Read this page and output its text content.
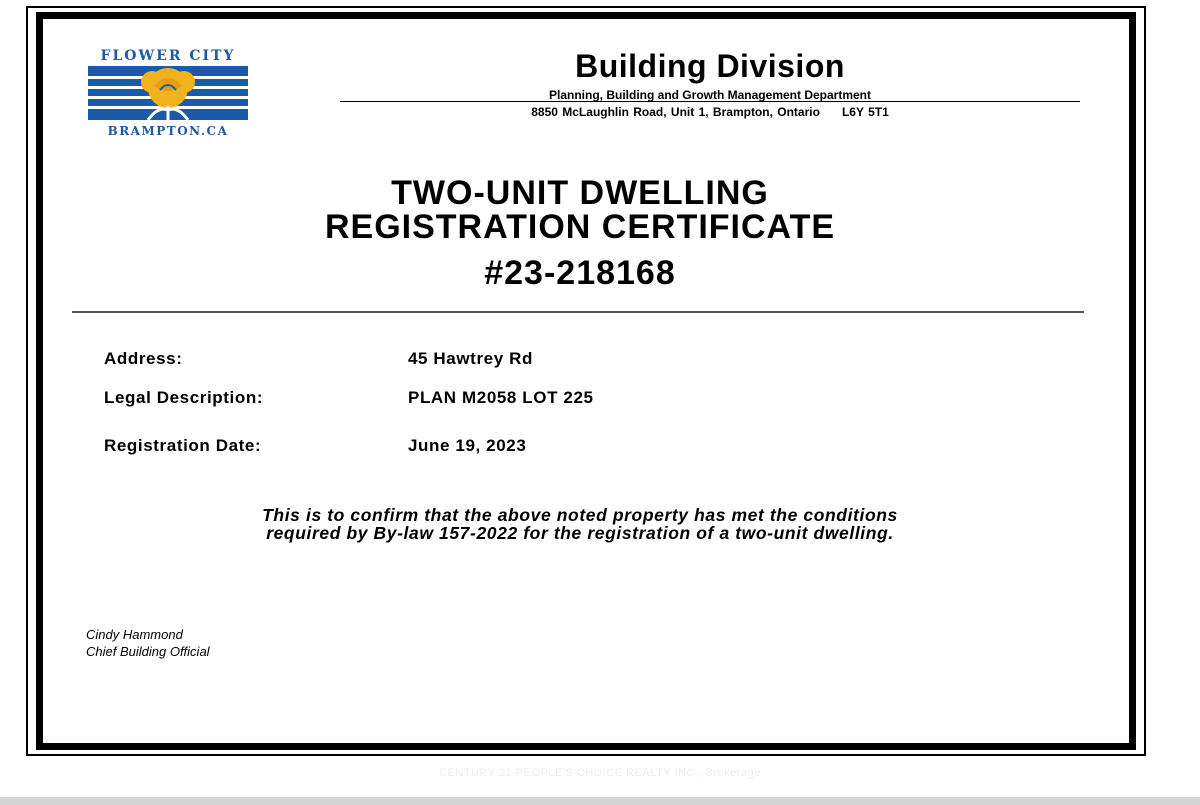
FLOWER CITY
BRAMPTON.CA
Building Division
Planning, Building and Growth Management Department
8850 McLaughlin Road, Unit 1, Brampton, Ontario L6Y 5T1
TWO-UNIT DWELLING
REGISTRATION CERTIFICATE
#23-218168
Address:	45 Hawtrey Rd
Legal Description:	PLAN M2058 LOT 225
Registration Date:	June 19, 2023
This is to confirm that the above noted property has met the conditions
required by By-law 157-2022 for the registration of a two-unit dwelling.
Cindy Hammond
Chief Building Official
CENTURY 21 PEOPLE'S CHOICE REALTY INC., Brokerage
